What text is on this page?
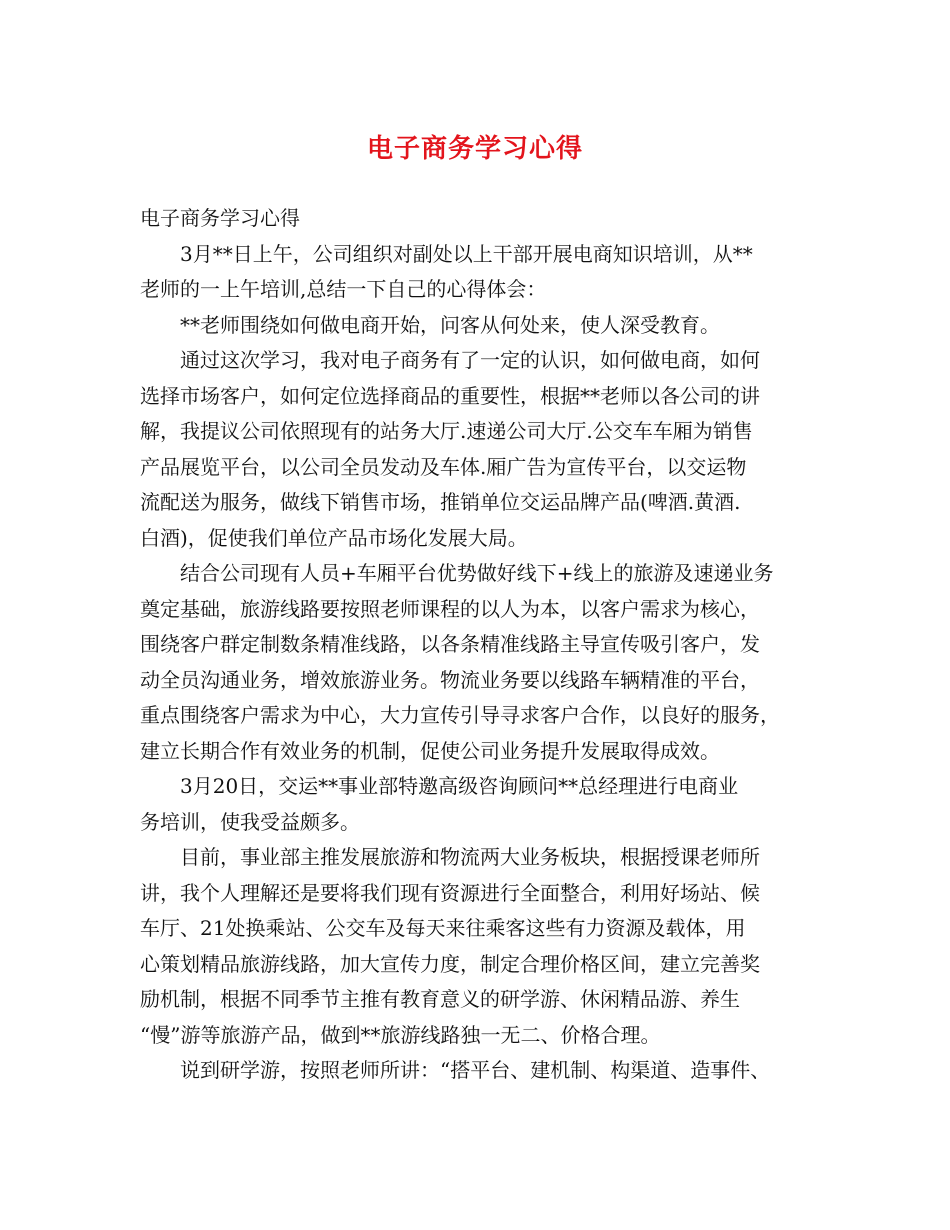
电子商务学习心得
电子商务学习心得
3月**日上午，公司组织对副处以上干部开展电商知识培训，从**
老师的一上午培训,总结一下自己的心得体会：
**老师围绕如何做电商开始，问客从何处来，使人深受教育。
通过这次学习，我对电子商务有了一定的认识，如何做电商，如何
选择市场客户，如何定位选择商品的重要性，根据**老师以各公司的讲
解，我提议公司依照现有的站务大厅.速递公司大厅.公交车车厢为销售
产品展览平台，以公司全员发动及车体.厢广告为宣传平台，以交运物
流配送为服务，做线下销售市场，推销单位交运品牌产品(啤酒.黄酒.
白酒)，促使我们单位产品市场化发展大局。
结合公司现有人员+车厢平台优势做好线下+线上的旅游及速递业务
奠定基础，旅游线路要按照老师课程的以人为本，以客户需求为核心，
围绕客户群定制数条精准线路，以各条精准线路主导宣传吸引客户，发
动全员沟通业务，增效旅游业务。物流业务要以线路车辆精准的平台，
重点围绕客户需求为中心，大力宣传引导寻求客户合作，以良好的服务，
建立长期合作有效业务的机制，促使公司业务提升发展取得成效。
3月20日，交运**事业部特邀高级咨询顾问**总经理进行电商业
务培训，使我受益颇多。
目前，事业部主推发展旅游和物流两大业务板块，根据授课老师所
讲，我个人理解还是要将我们现有资源进行全面整合，利用好场站、候
车厅、21处换乘站、公交车及每天来往乘客这些有力资源及载体，用
心策划精品旅游线路，加大宣传力度，制定合理价格区间，建立完善奖
励机制，根据不同季节主推有教育意义的研学游、休闲精品游、养生
“慢”游等旅游产品，做到**旅游线路独一无二、价格合理。
说到研学游，按照老师所讲：“搭平台、建机制、构渠道、造事件、
